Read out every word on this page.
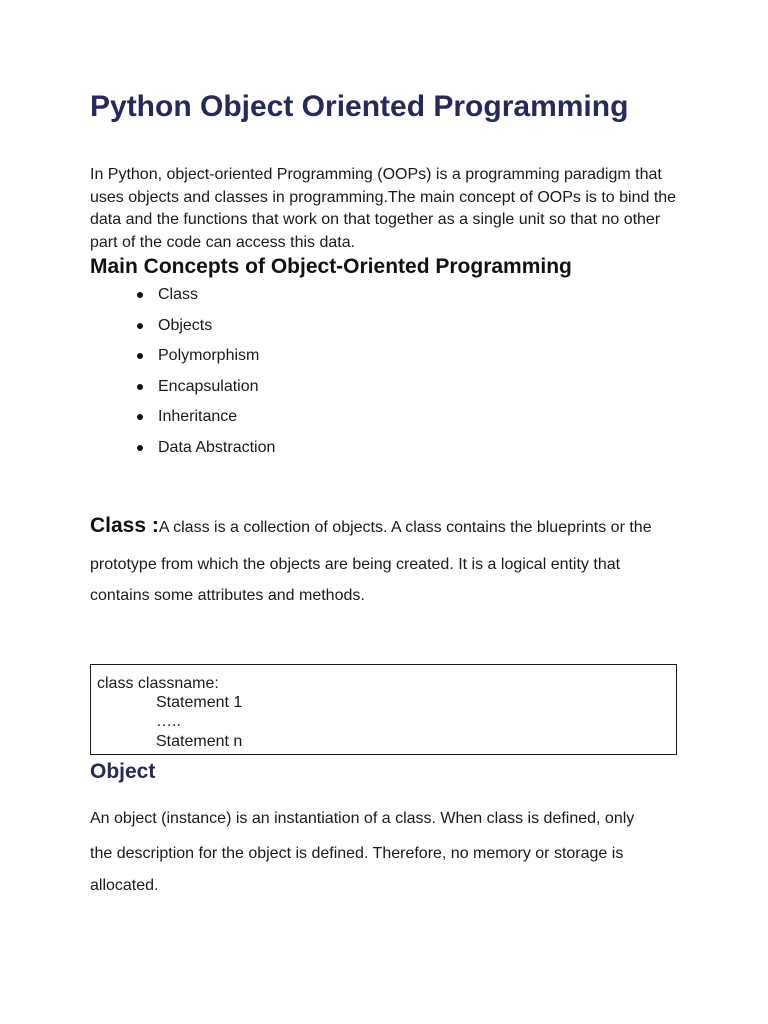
Python Object Oriented Programming

In Python, object-oriented Programming (OOPs) is a programming paradigm that uses objects and classes in programming.The main concept of OOPs is to bind the data and the functions that work on that together as a single unit so that no other part of the code can access this data.

Main Concepts of Object-Oriented Programming
Class
Objects
Polymorphism
Encapsulation
Inheritance
Data Abstraction
Class :A class is a collection of objects. A class contains the blueprints or the
prototype from which the objects are being created. It is a logical entity that
contains some attributes and methods.
class classname:
Statement 1
…..
Statement n
Object
An object (instance) is an instantiation of a class. When class is defined, only
the description for the object is defined. Therefore, no memory or storage is
allocated.
